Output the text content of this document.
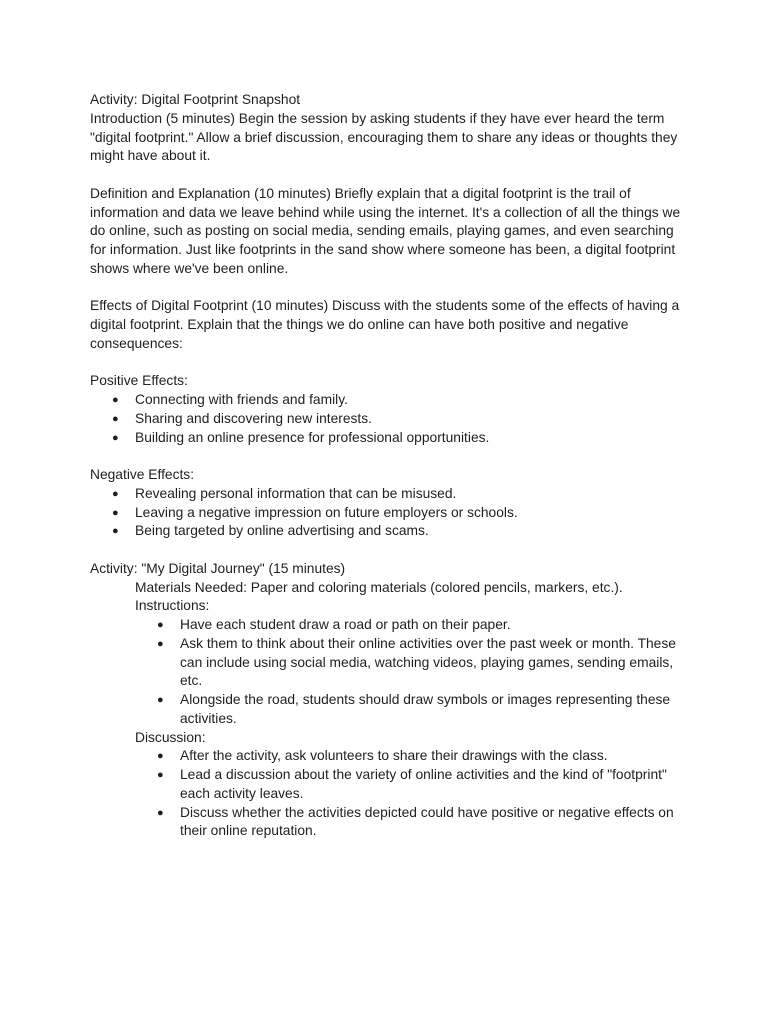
Activity: Digital Footprint Snapshot

Introduction (5 minutes) Begin the session by asking students if they have ever heard the term "digital footprint." Allow a brief discussion, encouraging them to share any ideas or thoughts they might have about it.

Definition and Explanation (10 minutes) Briefly explain that a digital footprint is the trail of information and data we leave behind while using the internet. It's a collection of all the things we do online, such as posting on social media, sending emails, playing games, and even searching for information. Just like footprints in the sand show where someone has been, a digital footprint shows where we've been online.

Effects of Digital Footprint (10 minutes) Discuss with the students some of the effects of having a digital footprint. Explain that the things we do online can have both positive and negative consequences:

Positive Effects:

● Connecting with friends and family.
● Sharing and discovering new interests.
● Building an online presence for professional opportunities.

Negative Effects:

● Revealing personal information that can be misused.
● Leaving a negative impression on future employers or schools.
● Being targeted by online advertising and scams.

Activity: "My Digital Journey" (15 minutes)

Materials Needed: Paper and coloring materials (colored pencils, markers, etc.).

Instructions:

● Have each student draw a road or path on their paper.
● Ask them to think about their online activities over the past week or month. These can include using social media, watching videos, playing games, sending emails, etc.
● Alongside the road, students should draw symbols or images representing these activities.

Discussion:

● After the activity, ask volunteers to share their drawings with the class.
● Lead a discussion about the variety of online activities and the kind of "footprint" each activity leaves.
● Discuss whether the activities depicted could have positive or negative effects on their online reputation.
